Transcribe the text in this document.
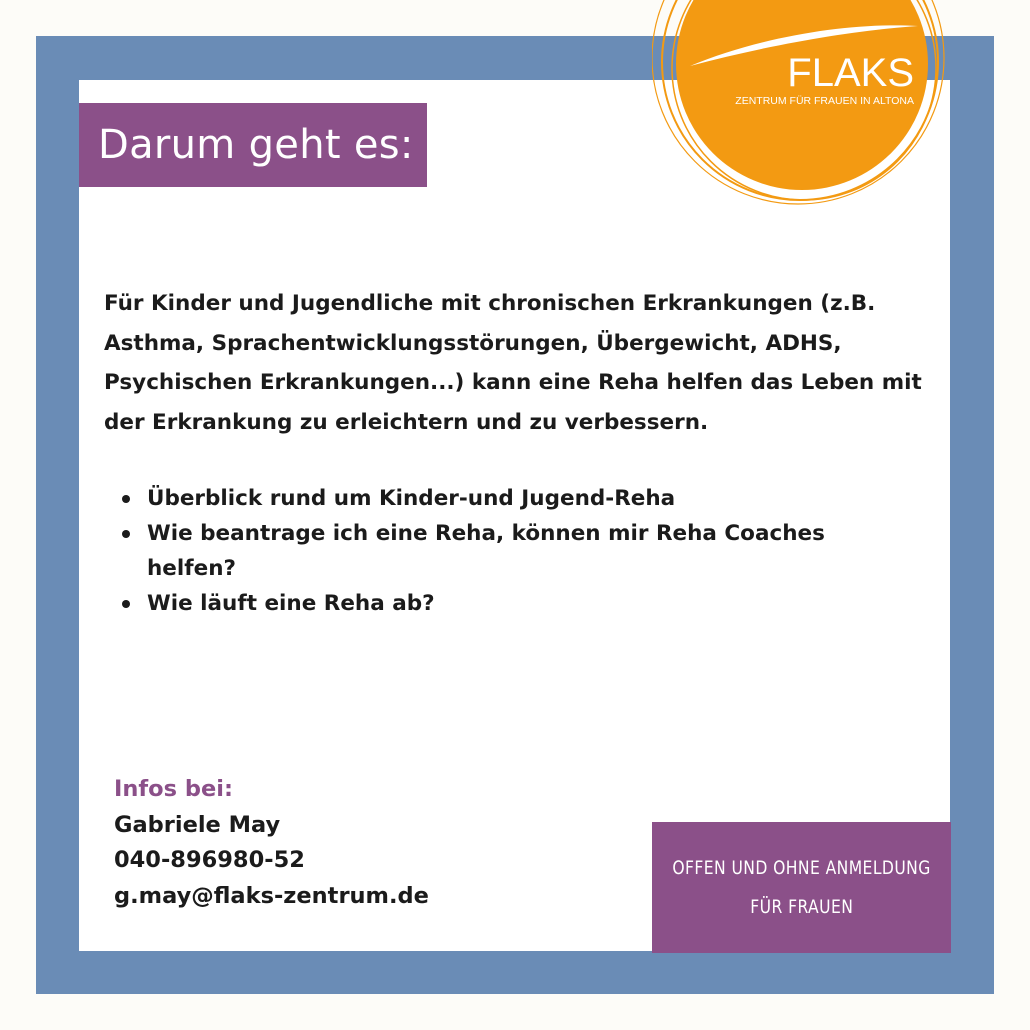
Darum geht es:
FLAKS
ZENTRUM FÜR FRAUEN IN ALTONA

Für Kinder und Jugendliche mit chronischen Erkrankungen (z.B. Asthma, Sprachentwicklungsstörungen, Übergewicht, ADHS, Psychischen Erkrankungen...) kann eine Reha helfen das Leben mit der Erkrankung zu erleichtern und zu verbessern.

Überblick rund um Kinder-und Jugend-Reha
Wie beantrage ich eine Reha, können mir Reha Coaches helfen?
Wie läuft eine Reha ab?
Infos bei:
Gabriele May
040-896980-52
g.may@flaks-zentrum.de
OFFEN UND OHNE ANMELDUNG
FÜR FRAUEN
